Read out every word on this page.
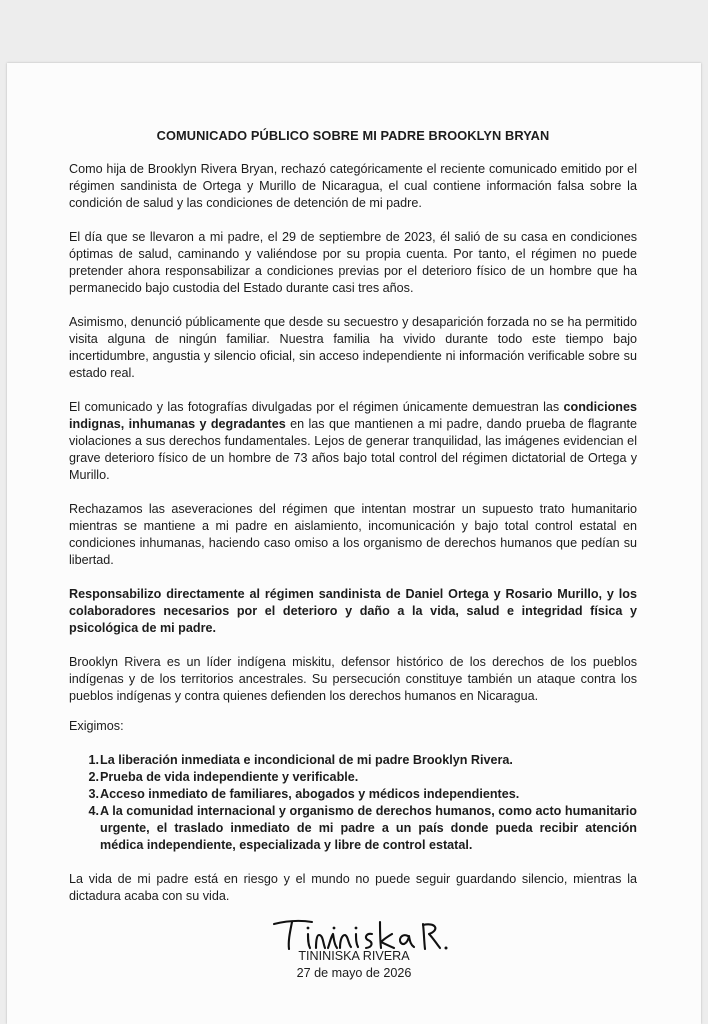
COMUNICADO PÚBLICO SOBRE MI PADRE BROOKLYN BRYAN

Como hija de Brooklyn Rivera Bryan, rechazó categóricamente el reciente comunicado emitido por el régimen sandinista de Ortega y Murillo de Nicaragua, el cual contiene información falsa sobre la condición de salud y las condiciones de detención de mi padre.

El día que se llevaron a mi padre, el 29 de septiembre de 2023, él salió de su casa en condiciones óptimas de salud, caminando y valiéndose por su propia cuenta. Por tanto, el régimen no puede pretender ahora responsabilizar a condiciones previas por el deterioro físico de un hombre que ha permanecido bajo custodia del Estado durante casi tres años.

Asimismo, denunció públicamente que desde su secuestro y desaparición forzada no se ha permitido visita alguna de ningún familiar. Nuestra familia ha vivido durante todo este tiempo bajo incertidumbre, angustia y silencio oficial, sin acceso independiente ni información verificable sobre su estado real.

El comunicado y las fotografías divulgadas por el régimen únicamente demuestran las condiciones indignas, inhumanas y degradantes en las que mantienen a mi padre, dando prueba de flagrante violaciones a sus derechos fundamentales. Lejos de generar tranquilidad, las imágenes evidencian el grave deterioro físico de un hombre de 73 años bajo total control del régimen dictatorial de Ortega y Murillo.

Rechazamos las aseveraciones del régimen que intentan mostrar un supuesto trato humanitario mientras se mantiene a mi padre en aislamiento, incomunicación y bajo total control estatal en condiciones inhumanas, haciendo caso omiso a los organismo de derechos humanos que pedían su libertad.

Responsabilizo directamente al régimen sandinista de Daniel Ortega y Rosario Murillo, y los colaboradores necesarios por el deterioro y daño a la vida, salud e integridad física y psicológica de mi padre.

Brooklyn Rivera es un líder indígena miskitu, defensor histórico de los derechos de los pueblos indígenas y de los territorios ancestrales. Su persecución constituye también un ataque contra los pueblos indígenas y contra quienes defienden los derechos humanos en Nicaragua.

Exigimos:

1. La liberación inmediata e incondicional de mi padre Brooklyn Rivera.
2. Prueba de vida independiente y verificable.
3. Acceso inmediato de familiares, abogados y médicos independientes.
4. A la comunidad internacional y organismo de derechos humanos, como acto humanitario urgente, el traslado inmediato de mi padre a un país donde pueda recibir atención médica independiente, especializada y libre de control estatal.

La vida de mi padre está en riesgo y el mundo no puede seguir guardando silencio, mientras la dictadura acaba con su vida.

TININISKA RIVERA
27 de mayo de 2026
